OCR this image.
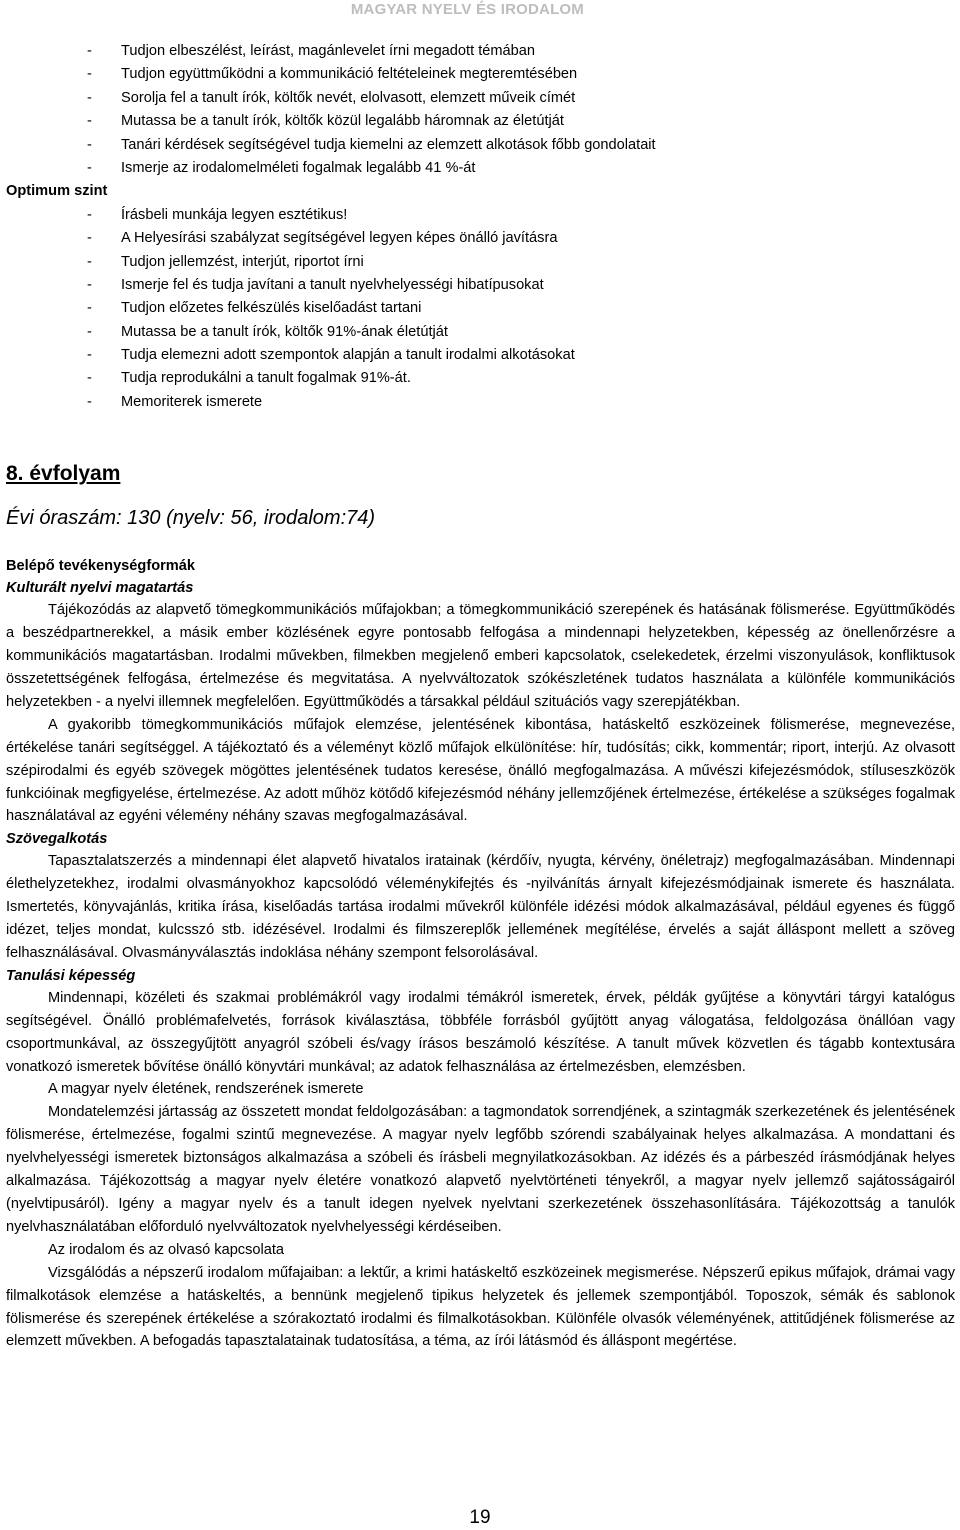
MAGYAR NYELV ÉS IRODALOM
- Tudjon elbeszélést, leírást, magánlevelet írni megadott témában
- Tudjon együttműködni a kommunikáció feltételeinek megteremtésében
- Sorolja fel a tanult írók, költők nevét, elolvasott, elemzett műveik címét
- Mutassa be a tanult írók, költők közül legalább háromnak az életútját
- Tanári kérdések segítségével tudja kiemelni az elemzett alkotások főbb gondolatait
- Ismerje az irodalomelméleti fogalmak legalább 41 %-át
Optimum szint
- Írásbeli munkája legyen esztétikus!
- A Helyesírási szabályzat segítségével legyen képes önálló javításra
- Tudjon jellemzést, interjút, riportot írni
- Ismerje fel és tudja javítani a tanult nyelvhelyességi hibatípusokat
- Tudjon előzetes felkészülés kiselőadást tartani
- Mutassa be a tanult írók, költők 91%-ának életútját
- Tudja elemezni adott szempontok alapján a tanult irodalmi alkotásokat
- Tudja reprodukálni a tanult fogalmak 91%-át.
- Memoriterek ismerete
8. évfolyam
Évi óraszám: 130 (nyelv: 56, irodalom:74)
Belépő tevékenységformák
Kulturált nyelvi magatartás

Tájékozódás az alapvető tömegkommunikációs műfajokban; a tömegkommunikáció szerepének és hatásának fölismerése. Együttműködés a beszédpartnerekkel, a másik ember közlésének egyre pontosabb felfogása a mindennapi helyzetekben, képesség az önellenőrzésre a kommunikációs magatartásban. Irodalmi művekben, filmekben megjelenő emberi kapcsolatok, cselekedetek, érzelmi viszonyulások, konfliktusok összetettségének felfogása, értelmezése és megvitatása. A nyelvváltozatok szókészletének tudatos használata a különféle kommunikációs helyzetekben - a nyelvi illemnek megfelelően. Együttműködés a társakkal például szituációs vagy szerepjátékban.

A gyakoribb tömegkommunikációs műfajok elemzése, jelentésének kibontása, hatáskeltő eszközeinek fölismerése, megnevezése, értékelése tanári segítséggel. A tájékoztató és a véleményt közlő műfajok elkülönítése: hír, tudósítás; cikk, kommentár; riport, interjú. Az olvasott szépirodalmi és egyéb szövegek mögöttes jelentésének tudatos keresése, önálló megfogalmazása. A művészi kifejezésmódok, stíluseszközök funkcióinak megfigyelése, értelmezése. Az adott műhöz kötődő kifejezésmód néhány jellemzőjének értelmezése, értékelése a szükséges fogalmak használatával az egyéni vélemény néhány szavas megfogalmazásával.

Szövegalkotás

Tapasztalatszerzés a mindennapi élet alapvető hivatalos iratainak (kérdőív, nyugta, kérvény, önéletrajz) megfogalmazásában. Mindennapi élethelyzetekhez, irodalmi olvasmányokhoz kapcsolódó véleménykifejtés és -nyilvánítás árnyalt kifejezésmódjainak ismerete és használata. Ismertetés, könyvajánlás, kritika írása, kiselőadás tartása irodalmi művekről különféle idézési módok alkalmazásával, például egyenes és függő idézet, teljes mondat, kulcsszó stb. idézésével. Irodalmi és filmszereplők jellemének megítélése, érvelés a saját álláspont mellett a szöveg felhasználásával. Olvasmányválasztás indoklása néhány szempont felsorolásával.

Tanulási képesség

Mindennapi, közéleti és szakmai problémákról vagy irodalmi témákról ismeretek, érvek, példák gyűjtése a könyvtári tárgyi katalógus segítségével. Önálló problémafelvetés, források kiválasztása, többféle forrásból gyűjtött anyag válogatása, feldolgozása önállóan vagy csoportmunkával, az összegyűjtött anyagról szóbeli és/vagy írásos beszámoló készítése. A tanult művek közvetlen és tágabb kontextusára vonatkozó ismeretek bővítése önálló könyvtári munkával; az adatok felhasználása az értelmezésben, elemzésben.

A magyar nyelv életének, rendszerének ismerete

Mondatelemzési jártasság az összetett mondat feldolgozásában: a tagmondatok sorrendjének, a szintagmák szerkezetének és jelentésének fölismerése, értelmezése, fogalmi szintű megnevezése. A magyar nyelv legfőbb szórendi szabályainak helyes alkalmazása. A mondattani és nyelvhelyességi ismeretek biztonságos alkalmazása a szóbeli és írásbeli megnyilatkozásokban. Az idézés és a párbeszéd írásmódjának helyes alkalmazása. Tájékozottság a magyar nyelv életére vonatkozó alapvető nyelvtörténeti tényekről, a magyar nyelv jellemző sajátosságairól (nyelvtipusáról). Igény a magyar nyelv és a tanult idegen nyelvek nyelvtani szerkezetének összehasonlítására. Tájékozottság a tanulók nyelvhasználatában előforduló nyelvváltozatok nyelvhelyességi kérdéseiben.

Az irodalom és az olvasó kapcsolata

Vizsgálódás a népszerű irodalom műfajaiban: a lektűr, a krimi hatáskeltő eszközeinek megismerése. Népszerű epikus műfajok, drámai vagy filmalkotások elemzése a hatáskeltés, a bennünk megjelenő tipikus helyzetek és jellemek szempontjából. Toposzok, sémák és sablonok fölismerése és szerepének értékelése a szórakoztató irodalmi és filmalkotásokban. Különféle olvasók véleményének, attitűdjének fölismerése az elemzett művekben. A befogadás tapasztalatainak tudatosítása, a téma, az írói látásmód és álláspont megértése.

19
